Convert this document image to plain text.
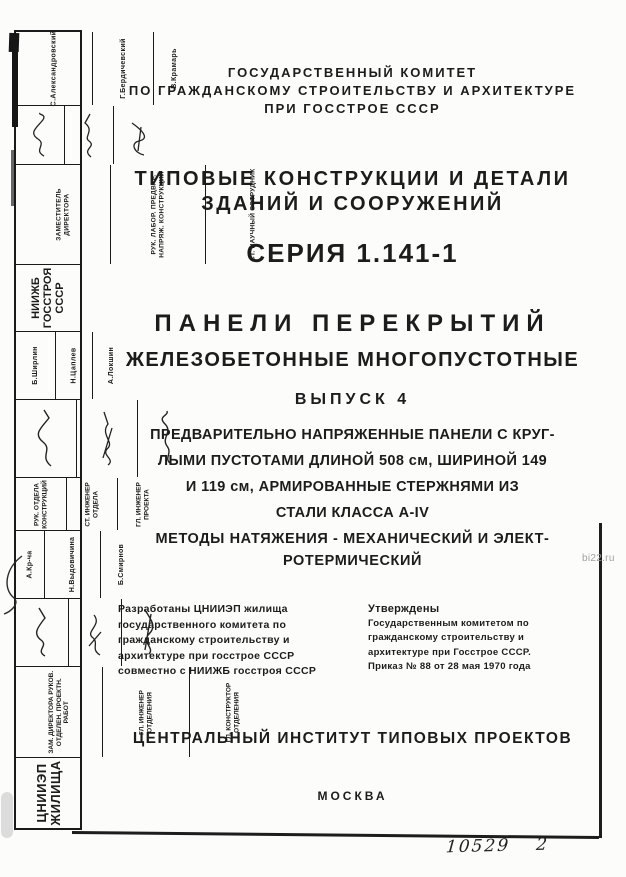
ГОСУДАРСТВЕННЫЙ КОМИТЕТ
ПО ГРАЖДАНСКОМУ СТРОИТЕЛЬСТВУ И АРХИТЕКТУРЕ
ПРИ ГОССТРОЕ СССР
ТИПОВЫЕ КОНСТРУКЦИИ И ДЕТАЛИ
ЗДАНИЙ И СООРУЖЕНИЙ
СЕРИЯ 1.141-1
ПАНЕЛИ ПЕРЕКРЫТИЙ
ЖЕЛЕЗОБЕТОННЫЕ МНОГОПУСТОТНЫЕ
ВЫПУСК 4
ПРЕДВАРИТЕЛЬНО НАПРЯЖЕННЫЕ ПАНЕЛИ С КРУГ-
ЛЫМИ ПУСТОТАМИ ДЛИНОЙ 508 см, ШИРИНОЙ 149
И 119 см, АРМИРОВАННЫЕ СТЕРЖНЯМИ ИЗ
СТАЛИ КЛАССА А-IV
МЕТОДЫ НАТЯЖЕНИЯ - МЕХАНИЧЕСКИЙ И ЭЛЕКТ-
РОТЕРМИЧЕСКИЙ
Разработаны ЦНИИЭП жилища
государственного комитета по
гражданскому строительству и
архитектуре при госстрое СССР
совместно с НИИЖБ госстроя СССР
Утверждены
Государственным комитетом по
гражданскому строительству и
архитектуре при Госстрое СССР.
Приказ № 88 от 28 мая 1970 года
ЦЕНТРАЛЬНЫЙ ИНСТИТУТ ТИПОВЫХ ПРОЕКТОВ
МОСКВА
С.Александровский	Г.Бердичевский	В.Крамарь
ЗАМЕСТИТЕЛЬ ДИРЕКТОРА	РУК. ЛАБОР. ПРЕДВАР. НАПРЯЖ. КОНСТРУКЦИЙ	СТ. НАУЧНЫЙ СОТРУДНИК
НИИЖБ ГОССТРОЯ СССР
Б.Ширлин	Н.Цаплев	А.Локшин
РУК. ОТДЕЛА КОНСТРУКЦИЙ	СТ. ИНЖЕНЕР ОТДЕЛА	ГЛ. ИНЖЕНЕР ПРОЕКТА
А.Кр-ча	Н.Выдовичина	Б.Смирнов
ЗАМ. ДИРЕКТОРА РУКОВ. ОТДЕЛЕН. ПРОЕКТН. РАБОТ	ГЛ. ИНЖЕНЕР ОТДЕЛЕНИЯ	ГЛ. КОНСТРУКТОР ОТДЕЛЕНИЯ
ЦНИИЭП ЖИЛИЩА
10529 2
bi22.ru
